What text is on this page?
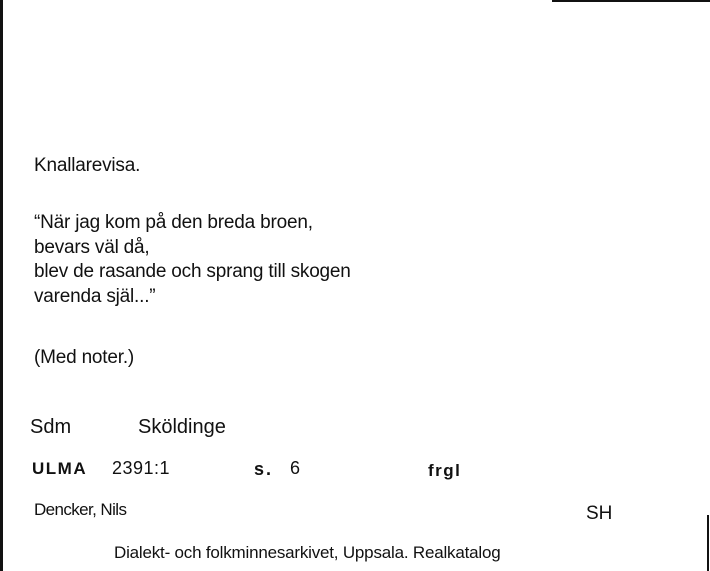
Knallarevisa.
“När jag kom på den breda broen,
bevars väl då,
blev de rasande och sprang till skogen
varenda själ...”
(Med noter.)
Sdm	Sköldinge
ULMA 2391:1	s. 6	frgl
Dencker, Nils	SH
Dialekt- och folkminnesarkivet, Uppsala. Realkatalog
